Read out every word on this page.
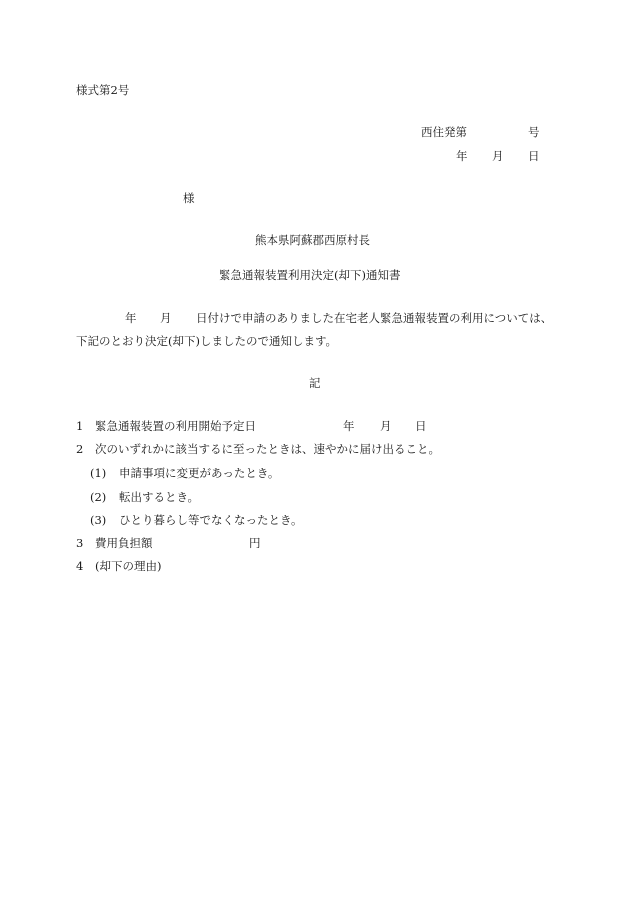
様式第2号
西住発第	号
年 月 日
様
熊本県阿蘇郡西原村長
緊急通報装置利用決定(却下)通知書
年 月 日付けで申請のありました在宅老人緊急通報装置の利用については、
下記のとおり決定(却下)しましたので通知します。
記
1 緊急通報装置の利用開始予定日	年 月 日
2 次のいずれかに該当するに至ったときは、速やかに届け出ること。
(1) 申請事項に変更があったとき。
(2) 転出するとき。
(3) ひとり暮らし等でなくなったとき。
3 費用負担額	円
4 (却下の理由)
